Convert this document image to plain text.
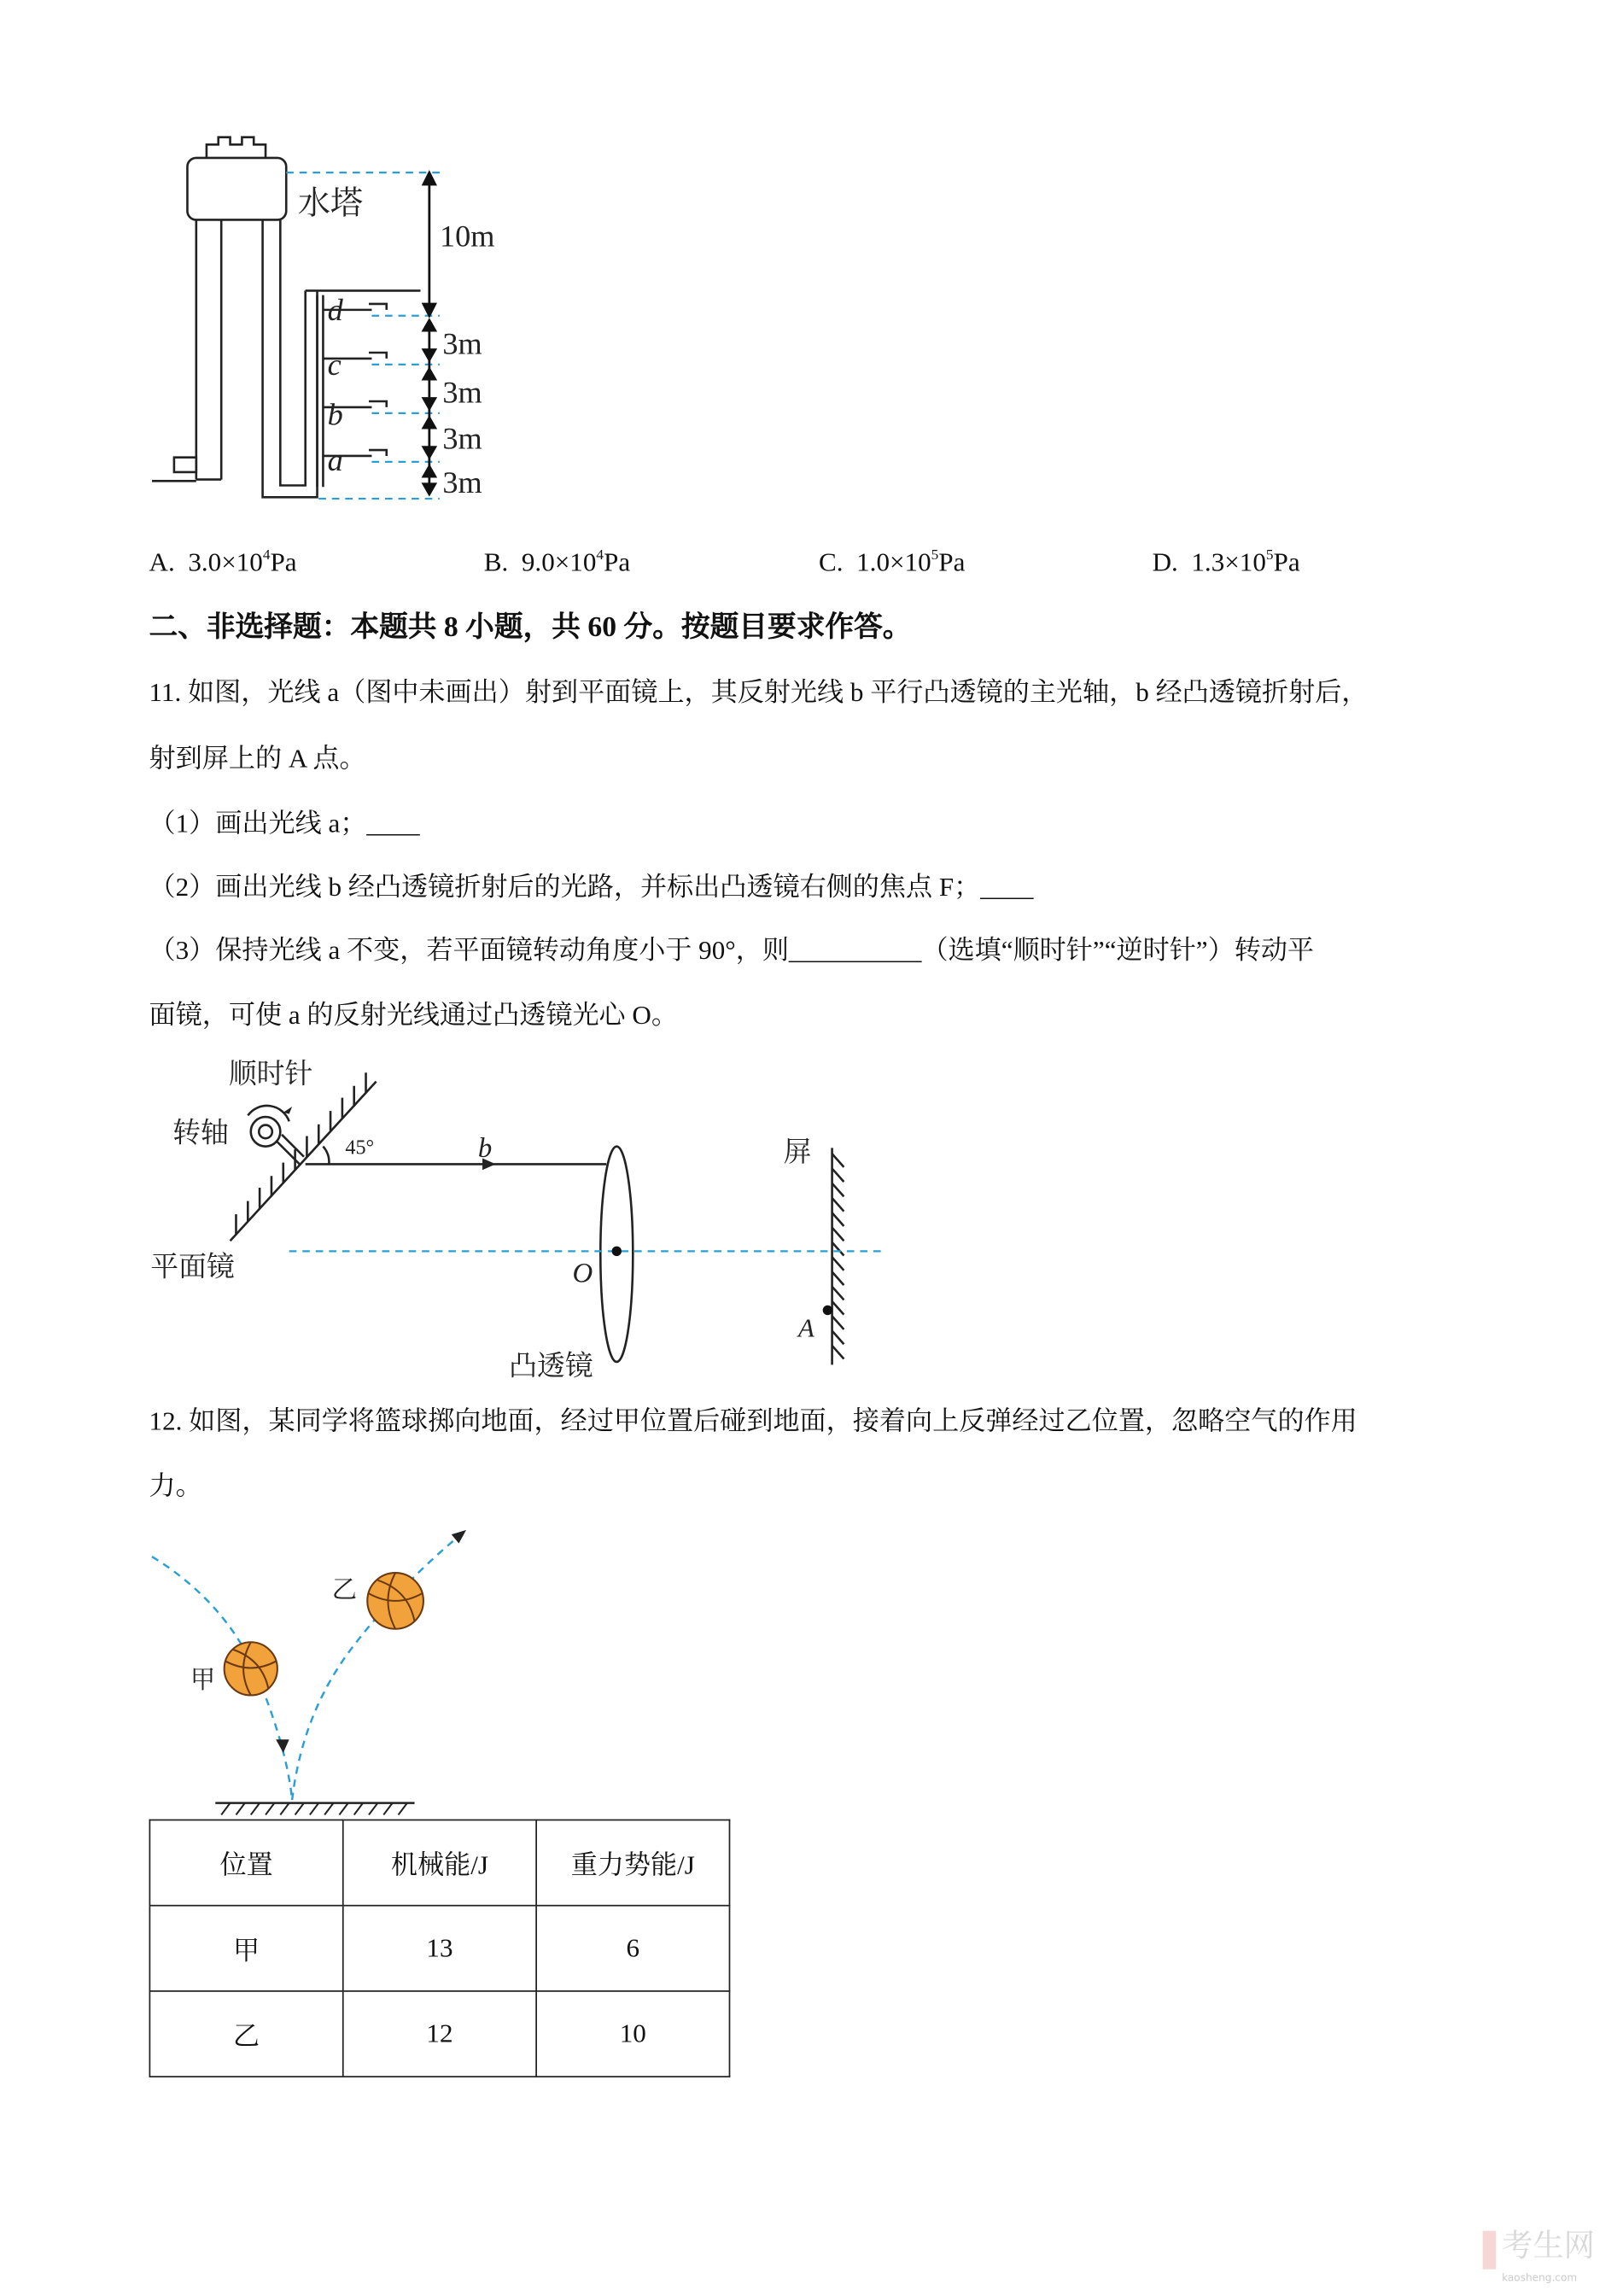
水塔
10m
3m
3m
3m
3m
d
c
b
a
A. $3.0\times 10^4Pa$	B. $9.0\times 10^4Pa$	C. $1.0\times 10^5Pa$	D. $1.3\times 10^5Pa$
二、非选择题：本题共 8 小题，共 60 分。按题目要求作答。
11. 如图，光线 a（图中未画出）射到平面镜上，其反射光线 b 平行凸透镜的主光轴，b 经凸透镜折射后，
射到屏上的 A 点。
（1）画出光线 a；____
（2）画出光线 b 经凸透镜折射后的光路，并标出凸透镜右侧的焦点 F；____
（3）保持光线 a 不变，若平面镜转动角度小于 90°，则__________（选填“顺时针”“逆时针”）转动平
面镜，可使 a 的反射光线通过凸透镜光心 O。
顺时针
转轴
平面镜
45°	b
O
凸透镜
屏
A
12. 如图，某同学将篮球掷向地面，经过甲位置后碰到地面，接着向上反弹经过乙位置，忽略空气的作用
力。
甲
乙
位置	机械能/J	重力势能/J
甲	13	6
乙	12	10
考生网
kaosheng.com
